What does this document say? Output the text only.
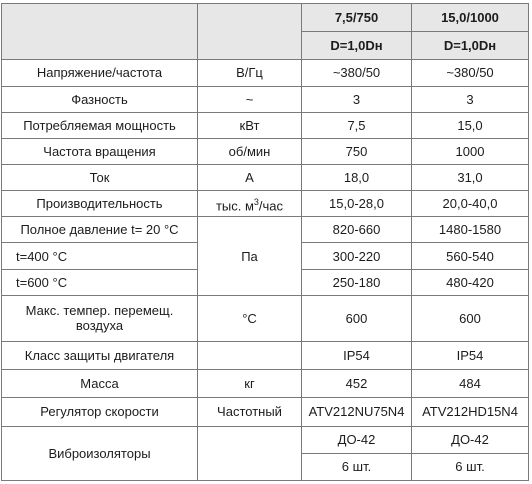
		7,5/750	15,0/1000
		D=1,0Dн	D=1,0Dн
Напряжение/частота	В/Гц	~380/50	~380/50
Фазность	~	3	3
Потребляемая мощность	кВт	7,5	15,0
Частота вращения	об/мин	750	1000
Ток	А	18,0	31,0
Производительность	тыс. $м^3$/час	15,0-28,0	20,0-40,0
Полное давление t= 20 °C	Па	820-660	1480-1580
t=400 °C		300-220	560-540
t=600 °C		250-180	480-420
Макс. темпер. перемещ. воздуха	°C	600	600
Класс защиты двигателя		IP54	IP54
Масса	кг	452	484
Регулятор скорости	Частотный	ATV212NU75N4	ATV212HD15N4
Виброизоляторы		ДО-42	ДО-42
		6 шт.	6 шт.
